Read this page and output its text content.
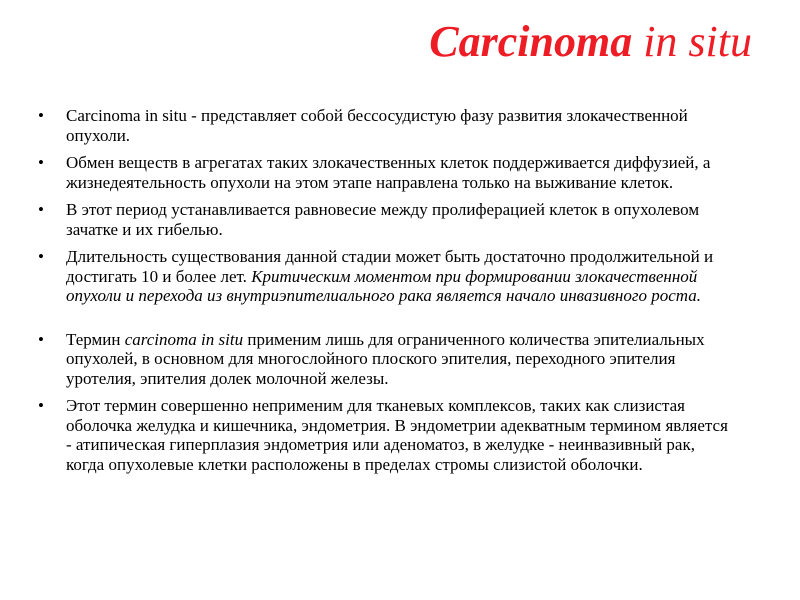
Carcinoma in situ
• Carcinoma in situ - представляет собой бессосудистую фазу развития злокачественной опухоли.
• Обмен веществ в агрегатах таких злокачественных клеток поддерживается диффузией, а жизнедеятельность опухоли на этом этапе направлена только на выживание клеток.
• В этот период устанавливается равновесие между пролиферацией клеток в опухолевом зачатке и их гибелью.
• Длительность существования данной стадии может быть достаточно продолжительной и достигать 10 и более лет. Критическим моментом при формировании злокачественной опухоли и перехода из внутриэпителиального рака является начало инвазивного роста.
• Термин carcinoma in situ применим лишь для ограниченного количества эпителиальных опухолей, в основном для многослойного плоского эпителия, переходного эпителия уротелия, эпителия долек молочной железы.
• Этот термин совершенно неприменим для тканевых комплексов, таких как слизистая оболочка желудка и кишечника, эндометрия. В эндометрии адекватным термином является - атипическая гиперплазия эндометрия или аденоматоз, в желудке - неинвазивный рак, когда опухолевые клетки расположены в пределах стромы слизистой оболочки.
